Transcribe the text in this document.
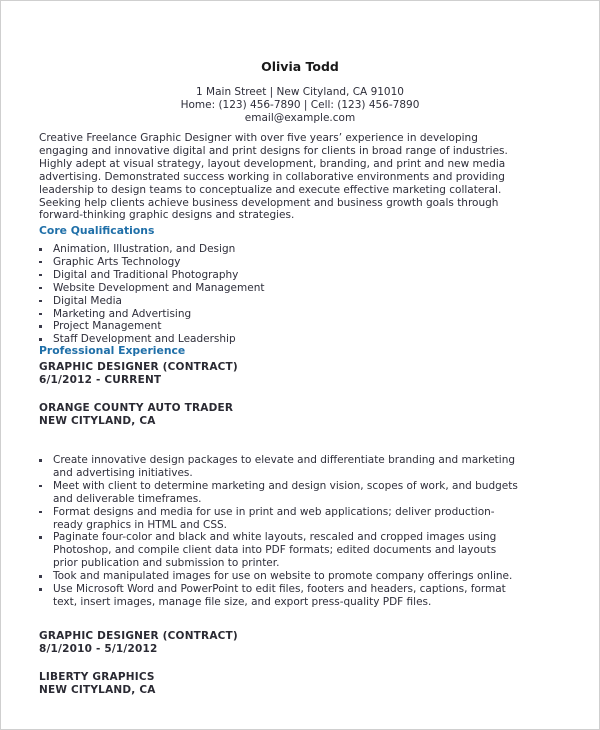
Olivia Todd
1 Main Street | New Cityland, CA 91010
Home: (123) 456-7890 | Cell: (123) 456-7890
email@example.com
Creative Freelance Graphic Designer with over five years’ experience in developing
engaging and innovative digital and print designs for clients in broad range of industries.
Highly adept at visual strategy, layout development, branding, and print and new media
advertising. Demonstrated success working in collaborative environments and providing
leadership to design teams to conceptualize and execute effective marketing collateral.
Seeking help clients achieve business development and business growth goals through
forward-thinking graphic designs and strategies.
Core Qualifications
Animation, Illustration, and Design
Graphic Arts Technology
Digital and Traditional Photography
Website Development and Management
Digital Media
Marketing and Advertising
Project Management
Staff Development and Leadership
Professional Experience
GRAPHIC DESIGNER (CONTRACT)
6/1/2012 - CURRENT
ORANGE COUNTY AUTO TRADER
NEW CITYLAND, CA
Create innovative design packages to elevate and differentiate branding and marketing
and advertising initiatives.
Meet with client to determine marketing and design vision, scopes of work, and budgets
and deliverable timeframes.
Format designs and media for use in print and web applications; deliver production-
ready graphics in HTML and CSS.
Paginate four-color and black and white layouts, rescaled and cropped images using
Photoshop, and compile client data into PDF formats; edited documents and layouts
prior publication and submission to printer.
Took and manipulated images for use on website to promote company offerings online.
Use Microsoft Word and PowerPoint to edit files, footers and headers, captions, format
text, insert images, manage file size, and export press-quality PDF files.
GRAPHIC DESIGNER (CONTRACT)
8/1/2010 - 5/1/2012
LIBERTY GRAPHICS
NEW CITYLAND, CA
